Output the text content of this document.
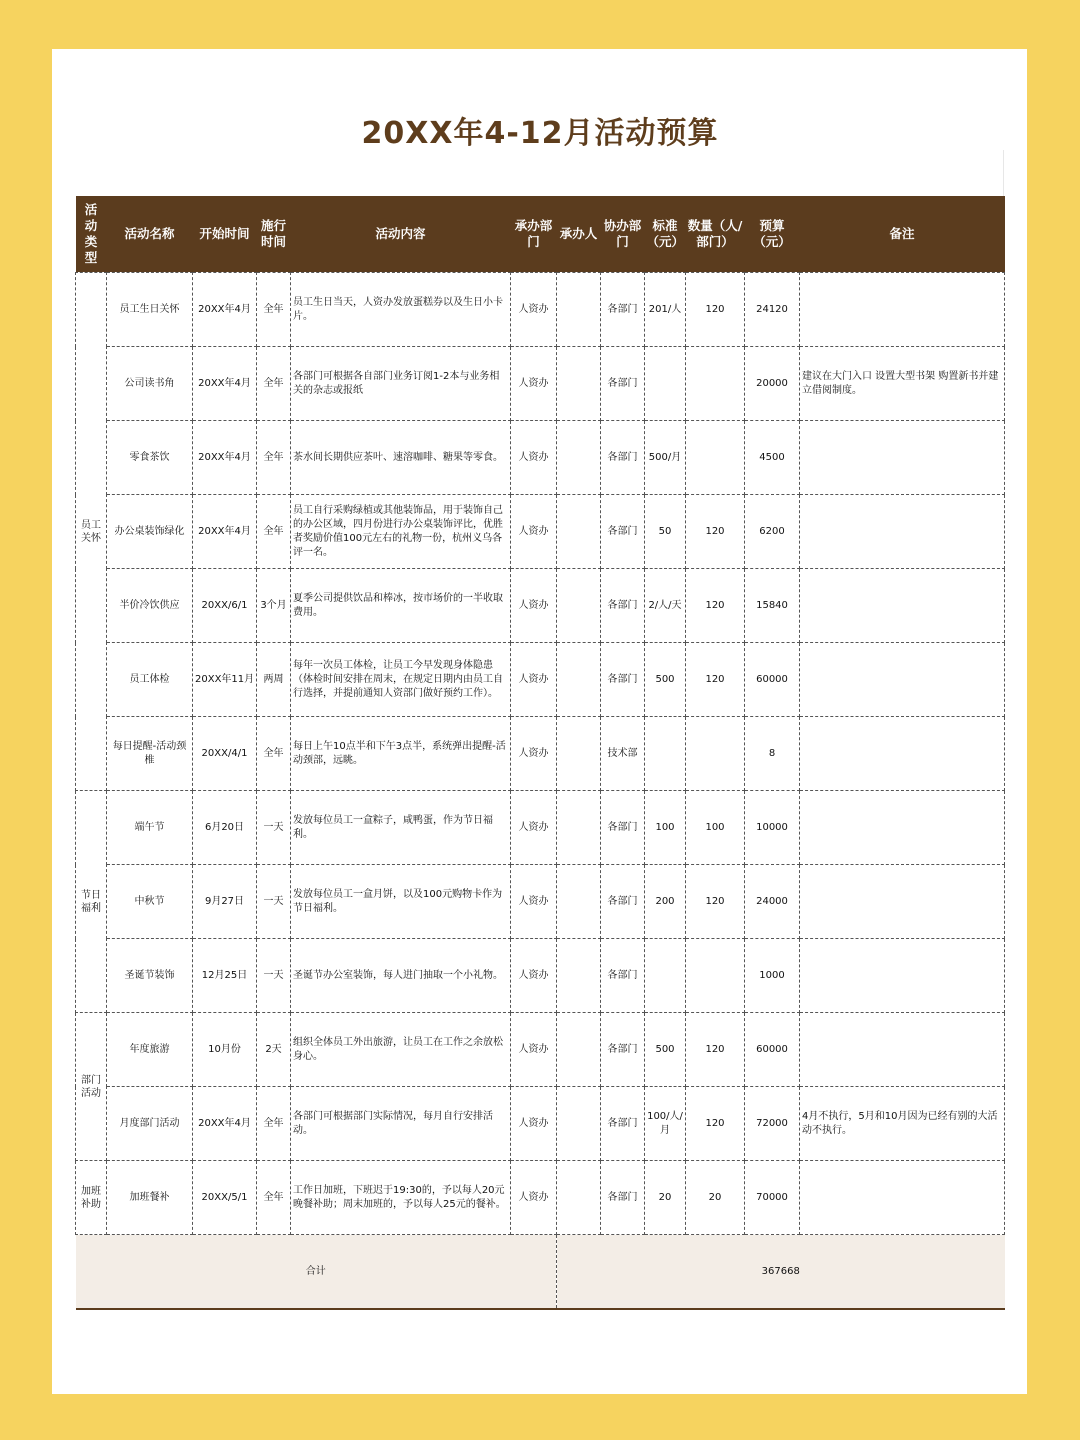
20XX年4-12月活动预算
活动类型	活动名称	开始时间	施行时间	活动内容	承办部门	承办人	协办部门	标准（元）	数量（人/部门）	预算（元）	备注
员工关怀	员工生日关怀	20XX年4月	全年	员工生日当天，人资办发放蛋糕券以及生日小卡片。	人资办		各部门	201/人	120	24120	
	公司读书角	20XX年4月	全年	各部门可根据各自部门业务订阅1-2本与业务相关的杂志或报纸	人资办		各部门			20000	建议在大门入口 设置大型书架 购置新书并建立借阅制度。
	零食茶饮	20XX年4月	全年	茶水间长期供应茶叶、速溶咖啡、糖果等零食。	人资办		各部门	500/月		4500	
	办公桌装饰绿化	20XX年4月	全年	员工自行采购绿植或其他装饰品，用于装饰自己的办公区域，四月份进行办公桌装饰评比，优胜者奖励价值100元左右的礼物一份，杭州义乌各评一名。	人资办		各部门	50	120	6200	
	半价冷饮供应	20XX/6/1	3个月	夏季公司提供饮品和棒冰，按市场价的一半收取费用。	人资办		各部门	2/人/天	120	15840	
	员工体检	20XX年11月	两周	每年一次员工体检，让员工今早发现身体隐患（体检时间安排在周末，在规定日期内由员工自行选择，并提前通知人资部门做好预约工作）。	人资办		各部门	500	120	60000	
	每日提醒-活动颈椎	20XX/4/1	全年	每日上午10点半和下午3点半，系统弹出提醒-活动颈部，远眺。	人资办		技术部			8	
节日福利	端午节	6月20日	一天	发放每位员工一盒粽子，咸鸭蛋，作为节日福利。	人资办		各部门	100	100	10000	
	中秋节	9月27日	一天	发放每位员工一盒月饼，以及100元购物卡作为节日福利。	人资办		各部门	200	120	24000	
	圣诞节装饰	12月25日	一天	圣诞节办公室装饰，每人进门抽取一个小礼物。	人资办		各部门			1000	
部门活动	年度旅游	10月份	2天	组织全体员工外出旅游，让员工在工作之余放松身心。	人资办		各部门	500	120	60000	
	月度部门活动	20XX年4月	全年	各部门可根据部门实际情况，每月自行安排活动。	人资办		各部门	100/人/月	120	72000	4月不执行，5月和10月因为已经有别的大活动不执行。
加班补助	加班餐补	20XX/5/1	全年	工作日加班，下班迟于19:30的，予以每人20元晚餐补助；周末加班的，予以每人25元的餐补。	人资办		各部门	20	20	70000	
合计						367668					
